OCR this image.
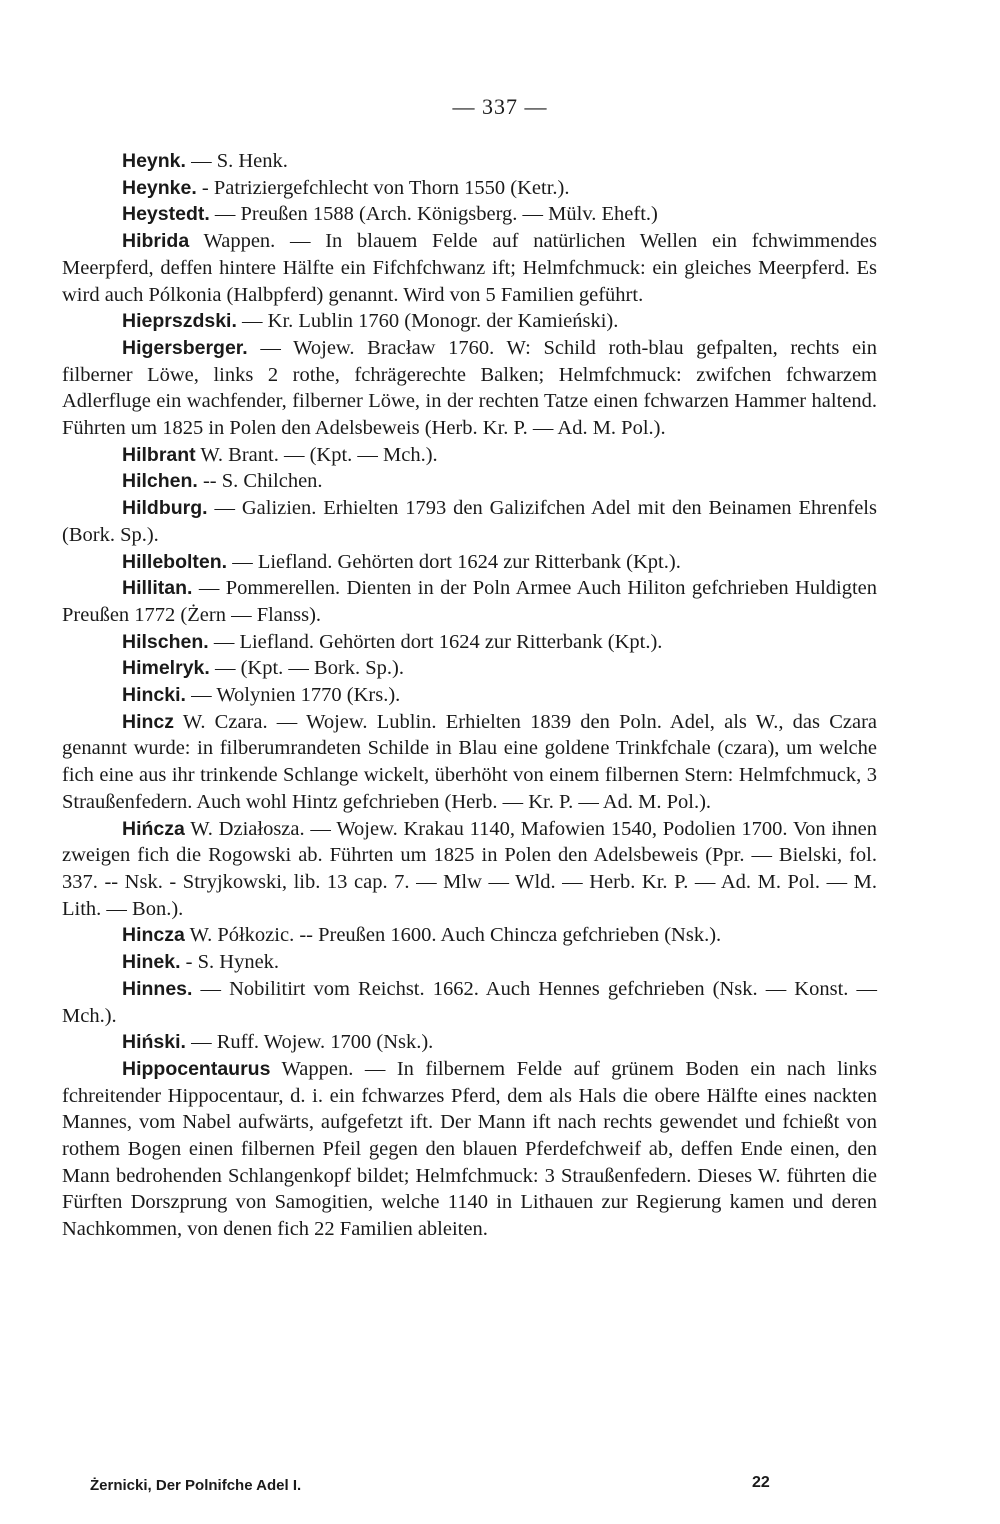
— 337 —

Heynk. — S. Henk.

Heynke. - Patriziergefchlecht von Thorn 1550 (Ketr.).

Heystedt. — Preußen 1588 (Arch. Königsberg. — Mülv. Eheft.)

Hibrida Wappen. — In blauem Felde auf natürlichen Wellen ein fchwimmendes Meerpferd, deffen hintere Hälfte ein Fifchfchwanz ift; Helmfchmuck: ein gleiches Meerpferd. Es wird auch Pólkonia (Halbpferd) genannt. Wird von 5 Familien geführt.

Hieprszdski. — Kr. Lublin 1760 (Monogr. der Kamieński).

Higersberger. — Wojew. Bracław 1760. W: Schild roth-blau gefpalten, rechts ein filberner Löwe, links 2 rothe, fchrägerechte Balken; Helmfchmuck: zwifchen fchwarzem Adlerfluge ein wachfender, filberner Löwe, in der rechten Tatze einen fchwarzen Hammer haltend. Führten um 1825 in Polen den Adelsbeweis (Herb. Kr. P. — Ad. M. Pol.).

Hilbrant W. Brant. — (Kpt. — Mch.).

Hilchen. -- S. Chilchen.

Hildburg. — Galizien. Erhielten 1793 den Galizifchen Adel mit den Beinamen Ehrenfels (Bork. Sp.).

Hillebolten. — Liefland. Gehörten dort 1624 zur Ritterbank (Kpt.).

Hillitan. — Pommerellen. Dienten in der Poln Armee Auch Hiliton gefchrieben Huldigten Preußen 1772 (Żern — Flanss).

Hilschen. — Liefland. Gehörten dort 1624 zur Ritterbank (Kpt.).

Himelryk. — (Kpt. — Bork. Sp.).

Hincki. — Wolynien 1770 (Krs.).

Hincz W. Czara. — Wojew. Lublin. Erhielten 1839 den Poln. Adel, als W., das Czara genannt wurde: in filberumrandeten Schilde in Blau eine goldene Trinkfchale (czara), um welche fich eine aus ihr trinkende Schlange wickelt, überhöht von einem filbernen Stern: Helmfchmuck, 3 Straußenfedern. Auch wohl Hintz gefchrieben (Herb. — Kr. P. — Ad. M. Pol.).

Hińcza W. Działosza. — Wojew. Krakau 1140, Mafowien 1540, Podolien 1700. Von ihnen zweigen fich die Rogowski ab. Führten um 1825 in Polen den Adelsbeweis (Ppr. — Bielski, fol. 337. -- Nsk. - Stryjkowski, lib. 13 cap. 7. — Mlw — Wld. — Herb. Kr. P. — Ad. M. Pol. — M. Lith. — Bon.).

Hincza W. Półkozic. -- Preußen 1600. Auch Chincza gefchrieben (Nsk.).

Hinek. - S. Hynek.

Hinnes. — Nobilitirt vom Reichst. 1662. Auch Hennes gefchrieben (Nsk. — Konst. — Mch.).

Hiński. — Ruff. Wojew. 1700 (Nsk.).

Hippocentaurus Wappen. — In filbernem Felde auf grünem Boden ein nach links fchreitender Hippocentaur, d. i. ein fchwarzes Pferd, dem als Hals die obere Hälfte eines nackten Mannes, vom Nabel aufwärts, aufgefetzt ift. Der Mann ift nach rechts gewendet und fchießt von rothem Bogen einen filbernen Pfeil gegen den blauen Pferdefchweif ab, deffen Ende einen, den Mann bedrohenden Schlangenkopf bildet; Helmfchmuck: 3 Straußenfedern. Dieses W. führten die Fürften Dorszprung von Samogitien, welche 1140 in Lithauen zur Regierung kamen und deren Nachkommen, von denen fich 22 Familien ableiten.

Żernicki, Der Polnifche Adel I.	22
